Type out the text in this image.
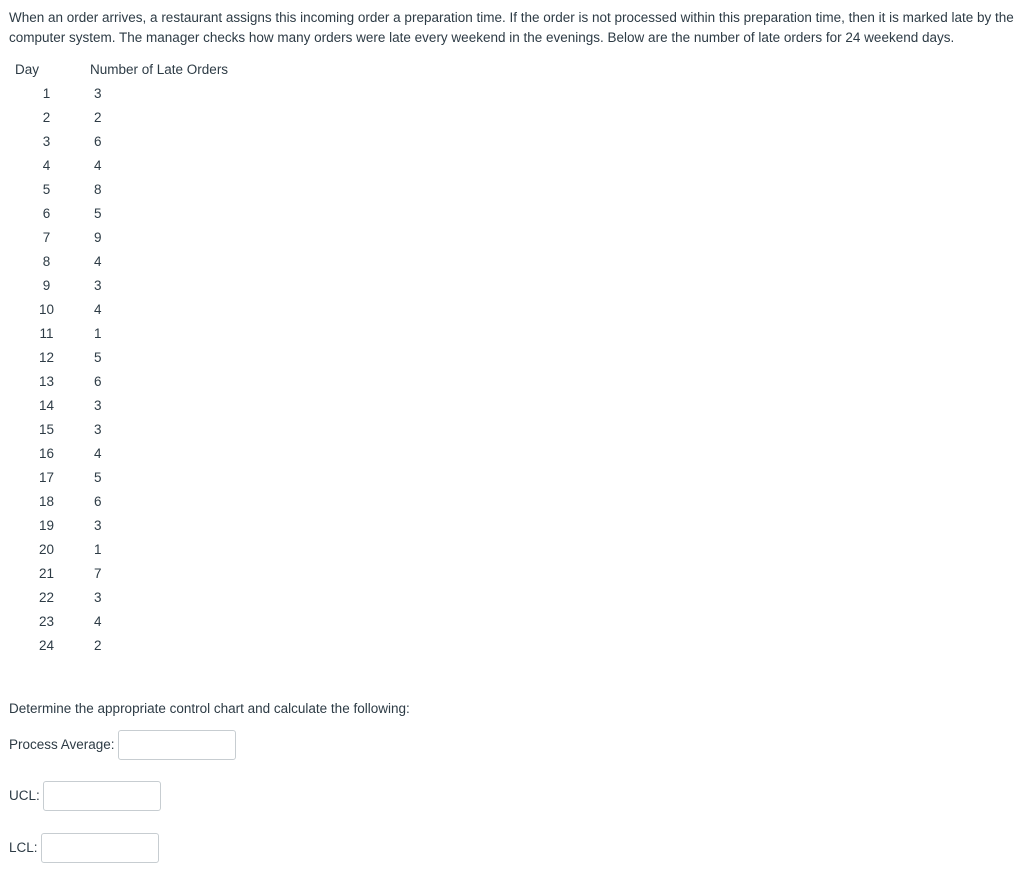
When an order arrives, a restaurant assigns this incoming order a preparation time. If the order is not processed within this preparation time, then it is marked late by the computer system. The manager checks how many orders were late every weekend in the evenings. Below are the number of late orders for 24 weekend days.

Day	Number of Late Orders
1	3
2	2
3	6
4	4
5	8
6	5
7	9
8	4
9	3
10	4
11	1
12	5
13	6
14	3
15	3
16	4
17	5
18	6
19	3
20	1
21	7
22	3
23	4
24	2

Determine the appropriate control chart and calculate the following:

Process Average:
UCL:
LCL:
